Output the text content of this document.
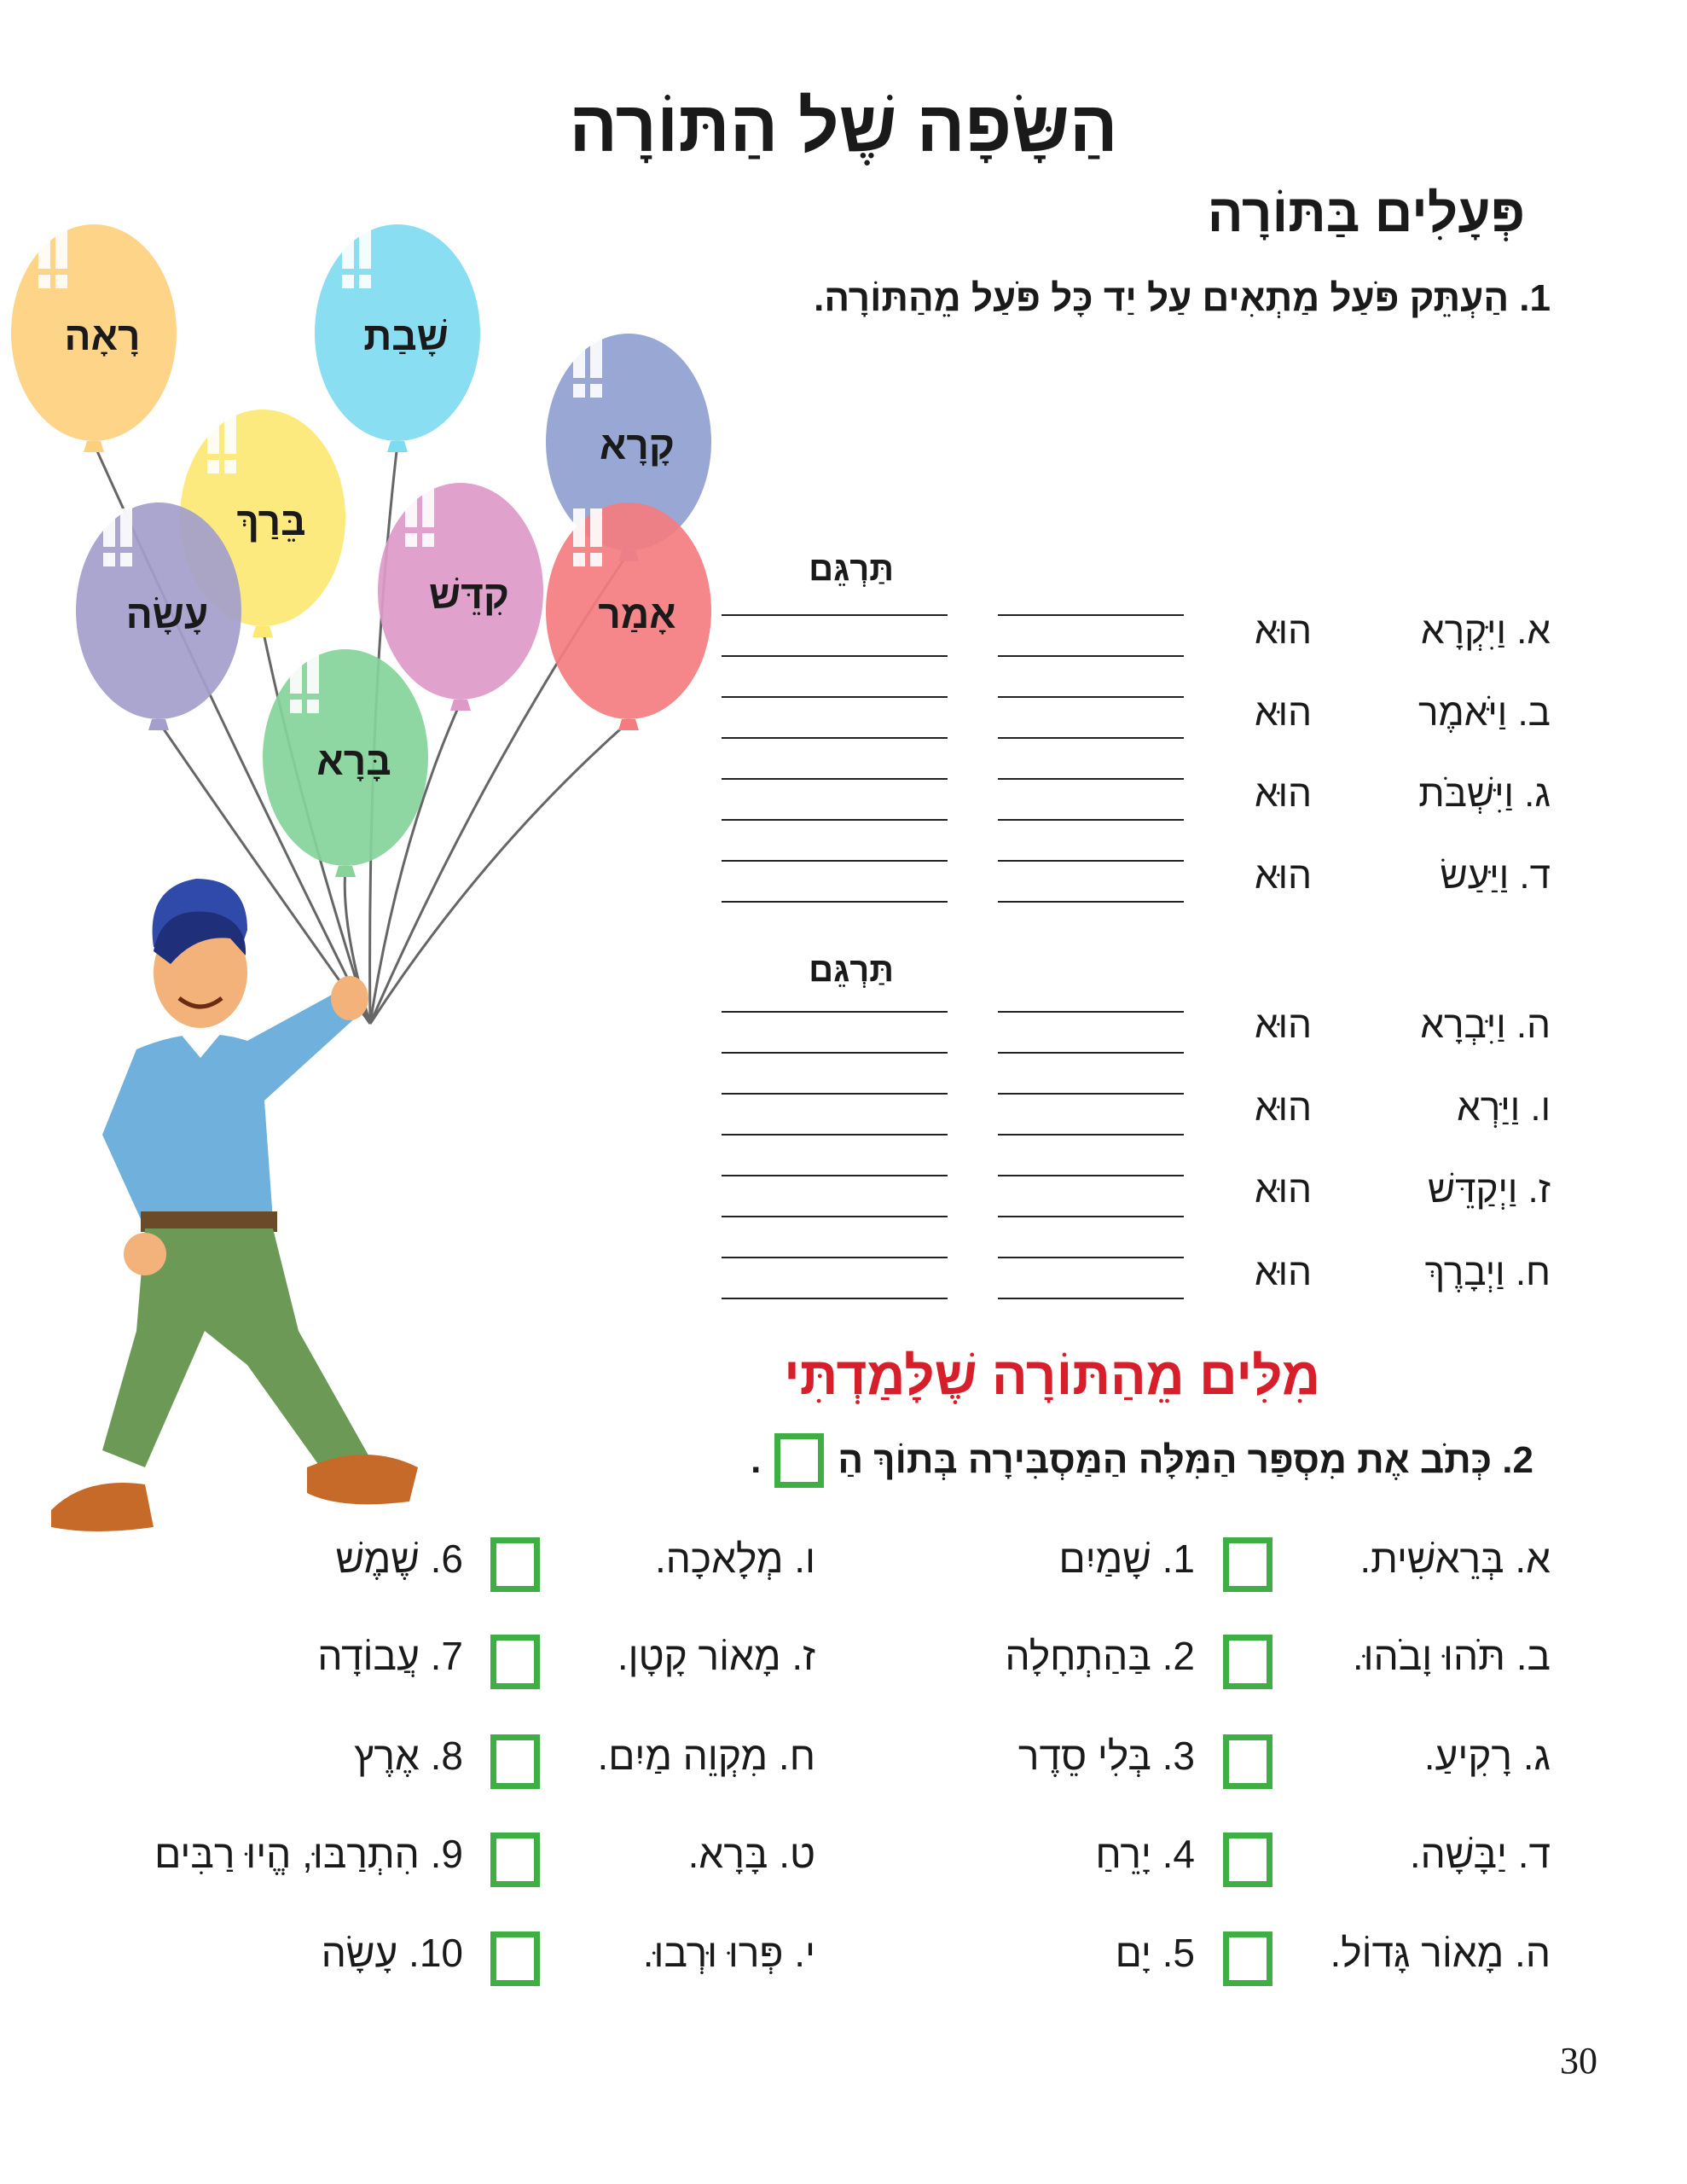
הַשָּׂפָה שֶׁל הַתּוֹרָה
פְּעָלִים בַּתּוֹרָה
1. הַעְתֵּק פֹּעַל מַתְאִים עַל יַד כָּל פֹּעַל מֵהַתּוֹרָה.
רָאָה	שָׁבַת
קָרָא
בֵּרַךְ
קִדֵּשׁ אָמַר
עָשָׂה
בָּרָא
תַּרְגֵּם
א. וַיִּקְרָא
הוּא
ב. וַיֹּאמֶר
הוּא
ג. וַיִּשְׁבֹּת
הוּא
ד. וַיַּעַשׂ
הוּא
תַּרְגֵּם
ה. וַיִּבְרָא
הוּא
ו. וַיַּרְא
הוּא
ז. וַיְקַדֵּשׁ
הוּא
ח. וַיְבָרֶךְ
הוּא
מִלִּים מֵהַתּוֹרָה שֶׁלָּמַדְתִּי
2. כְּתֹב אֶת מִסְפַּר הַמִּלָּה הַמַּסְבִּירָה בְּתוֹךְ הַ
.
א. בְּרֵאשִׁית.
1. שָׁמַיִם
ו. מְלָאכָה.
6. שֶׁמֶשׁ
ב. תֹּהוּ וָבֹהוּ.
2. בַּהַתְחָלָה
ז. מָאוֹר קָטָן.
7. עֲבוֹדָה
ג. רָקִיעַ.
3. בְּלִי סֵדֶר
ח. מִקְוֵה מַיִם.
8. אֶרֶץ
ד. יַבָּשָׁה.
4. יָרֵחַ
ט. בָּרָא.
9. הִתְרַבּוּ, הֱיוּ רַבִּים
ה. מָאוֹר גָּדוֹל.
5. יָם
י. פְּרוּ וּרְבוּ.
10. עָשָׂה
30
